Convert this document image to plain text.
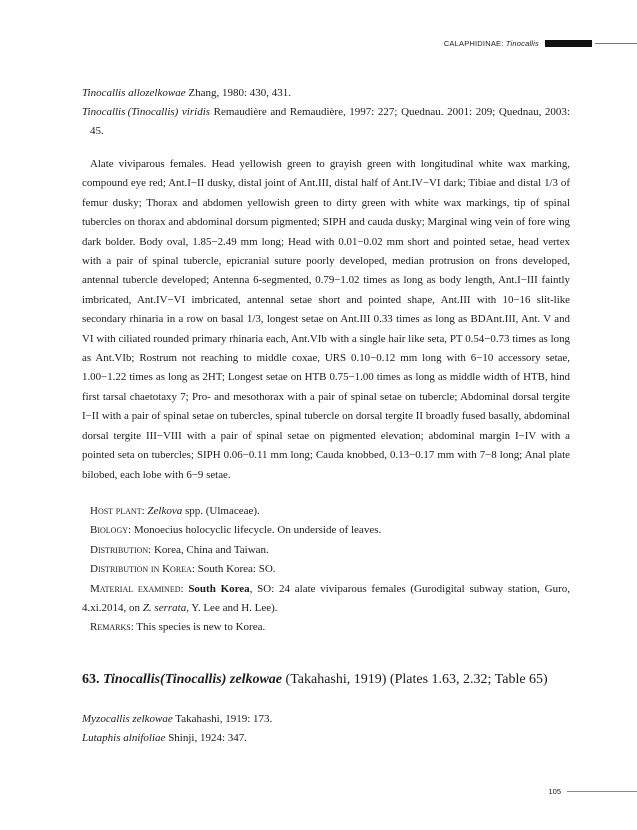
CALAPHIDINAE: Tinocallis

Tinocallis allozelkowae Zhang, 1980: 430, 431.

Tinocallis  (Tinocallis) viridis Remaudière and Remaudière, 1997: 227; Quednau. 2001: 209; Quednau, 2003: 45.

Alate viviparous females. Head yellowish green to grayish green with longitudinal white wax marking, compound eye red; Ant.I−II dusky, distal joint of Ant.III, distal half of Ant.IV−VI dark; Tibiae and distal 1/3 of femur dusky; Thorax and abdomen yellowish green to dirty green with white wax markings, tip of spinal tubercles on thorax and abdominal dorsum pigmented; SIPH and cauda dusky; Marginal wing vein of fore wing dark bolder. Body oval, 1.85−2.49 mm long; Head with 0.01−0.02 mm short and pointed setae, head vertex with a pair of spinal tubercle, epicranial suture poorly developed, median protrusion on frons developed, antennal tubercle developed; Antenna 6-segmented, 0.79−1.02 times as long as body length, Ant.I−III faintly imbricated, Ant.IV−VI imbricated, antennal setae short and pointed shape, Ant.III with 10−16 slit-like secondary rhinaria in a row on basal 1/3, longest setae on Ant.III 0.33 times as long as BDAnt.III, Ant. V and VI with ciliated rounded primary rhinaria each, Ant.VIb with a single hair like seta, PT 0.54−0.73 times as long as Ant.VIb; Rostrum not reaching to middle coxae, URS 0.10−0.12 mm long with 6−10 accessory setae, 1.00−1.22 times as long as 2HT; Longest setae on HTB 0.75−1.00 times as long as middle width of HTB, hind first tarsal chaetotaxy 7; Pro- and mesothorax with a pair of spinal setae on tubercle; Abdominal dorsal tergite I−II with a pair of spinal setae on tubercles, spinal tubercle on dorsal tergite II broadly fused basally, abdominal dorsal tergite III−VIII with a pair of spinal setae on pigmented elevation; abdominal margin I−IV with a pointed seta on tubercles; SIPH 0.06−0.11 mm long; Cauda knobbed, 0.13−0.17 mm with 7−8 long; Anal plate bilobed, each lobe with 6−9 setae.

Host plant: Zelkova spp. (Ulmaceae).

Biology: Monoecius holocyclic lifecycle. On underside of leaves.

Distribution: Korea, China and Taiwan.

Distribution in Korea: South Korea: SO.

Material examined: South Korea, SO: 24 alate viviparous females (Gurodigital subway station, Guro, 4.xi.2014, on Z. serrata, Y. Lee and H. Lee).

Remarks: This species is new to Korea.

63. Tinocallis(Tinocallis) zelkowae (Takahashi, 1919) (Plates 1.63, 2.32; Table 65)

Myzocallis zelkowae Takahashi, 1919: 173.

Lutaphis alnifoliae Shinji, 1924: 347.

105
